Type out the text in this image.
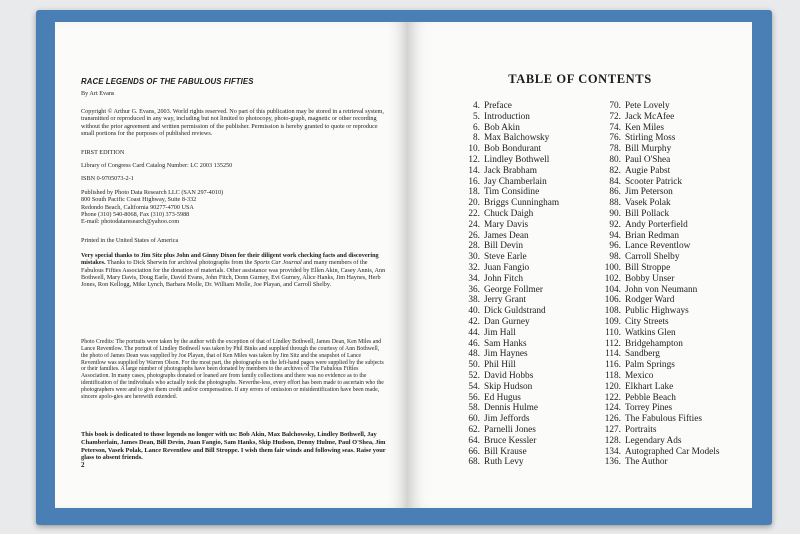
RACE LEGENDS OF THE FABULOUS FIFTIES

By Art Evans

Copyright © Arthur G. Evans, 2003. World rights reserved. No part of this publication may be stored in a retrieval system, transmitted or reproduced in any way, including but not limited to photocopy, photo-graph, magnetic or other recording without the prior agreement and written permission of the publisher. Permission is hereby granted to quote or reproduce small portions for the purposes of published reviews.

FIRST EDITION

Library of Congress Card Catalog Number: LC 2003 135250

ISBN 0-9705073-2-1

Published by Photo Data Research LLC (SAN 297-4010)
800 South Pacific Coast Highway, Suite 8-332
Redondo Beach, California 90277-4700 USA
Phone (310) 540-8068, Fax (310) 373-5988
E-mail: photodataresearch@yahoo.com

Printed in the United States of America

Very special thanks to Jim Sitz plus John and Ginny Dixon for their diligent work checking facts and discovering mistakes. Thanks to Dick Sherwin for archival photographs from the Sports Car Journal and many members of the Fabulous Fifties Association for the donation of materials. Other assistance was provided by Ellen Akin, Casey Annis, Ann Bothwell, Mary Davis, Doug Earle, David Evans, John Fitch, Donn Gurney, Evi Gurney, Alice Hanks, Jim Haynes, Herb Jones, Ron Kellogg, Mike Lynch, Barbara Molle, Dr. William Molle, Joe Playan, and Carroll Shelby.

Photo Credits: The portraits were taken by the author with the exception of that of Lindley Bothwell, James Dean, Ken Miles and Lance Reventlow. The portrait of Lindley Bothwell was taken by Phil Binks and supplied through the courtesy of Ann Bothwell, the photo of James Dean was supplied by Joe Playan, that of Ken Miles was taken by Jim Sitz and the snapshot of Lance Reventlow was supplied by Warren Olson. For the most part, the photographs on the left-hand pages were supplied by the subjects or their families. A large number of photographs have been donated by members to the archives of The Fabulous Fifties Association. In many cases, photographs donated or loaned are from family collections and there was no evidence as to the identification of the individuals who actually took the photographs. Neverthe-less, every effort has been made to ascertain who the photographers were and to give them credit and/or compensation. If any errors of omission or misidentification have been made, sincere apolo-gies are herewith extended.

This book is dedicated to those legends no longer with us: Bob Akin, Max Balchowsky, Lindley Bothwell, Jay Chamberlain, James Dean, Bill Devin, Juan Fangio, Sam Hanks, Skip Hudson, Denny Hulme, Paul O'Shea, Jim Peterson, Vasek Polak, Lance Reventlow and Bill Stroppe. I wish them fair winds and following seas. Raise your glass to absent friends.

2

TABLE OF CONTENTS
4. Preface
5. Introduction
6. Bob Akin
8. Max Balchowsky
10. Bob Bondurant
12. Lindley Bothwell
14. Jack Brabham
16. Jay Chamberlain
18. Tim Considine
20. Briggs Cunningham
22. Chuck Daigh
24. Mary Davis
26. James Dean
28. Bill Devin
30. Steve Earle
32. Juan Fangio
34. John Fitch
36. George Follmer
38. Jerry Grant
40. Dick Guldstrand
42. Dan Gurney
44. Jim Hall
46. Sam Hanks
48. Jim Haynes
50. Phil Hill
52. David Hobbs
54. Skip Hudson
56. Ed Hugus
58. Dennis Hulme
60. Jim Jeffords
62. Parnelli Jones
64. Bruce Kessler
66. Bill Krause
68. Ruth Levy
70. Pete Lovely
72. Jack McAfee
74. Ken Miles
76. Stirling Moss
78. Bill Murphy
80. Paul O'Shea
82. Augie Pabst
84. Scooter Patrick
86. Jim Peterson
88. Vasek Polak
90. Bill Pollack
92. Andy Porterfield
94. Brian Redman
96. Lance Reventlow
98. Carroll Shelby
100. Bill Stroppe
102. Bobby Unser
104. John von Neumann
106. Rodger Ward
108. Public Highways
109. City Streets
110. Watkins Glen
112. Bridgehampton
114. Sandberg
116. Palm Springs
118. Mexico
120. Elkhart Lake
122. Pebble Beach
124. Torrey Pines
126. The Fabulous Fifties
127. Portraits
128. Legendary Ads
134. Autographed Car Models
136. The Author
